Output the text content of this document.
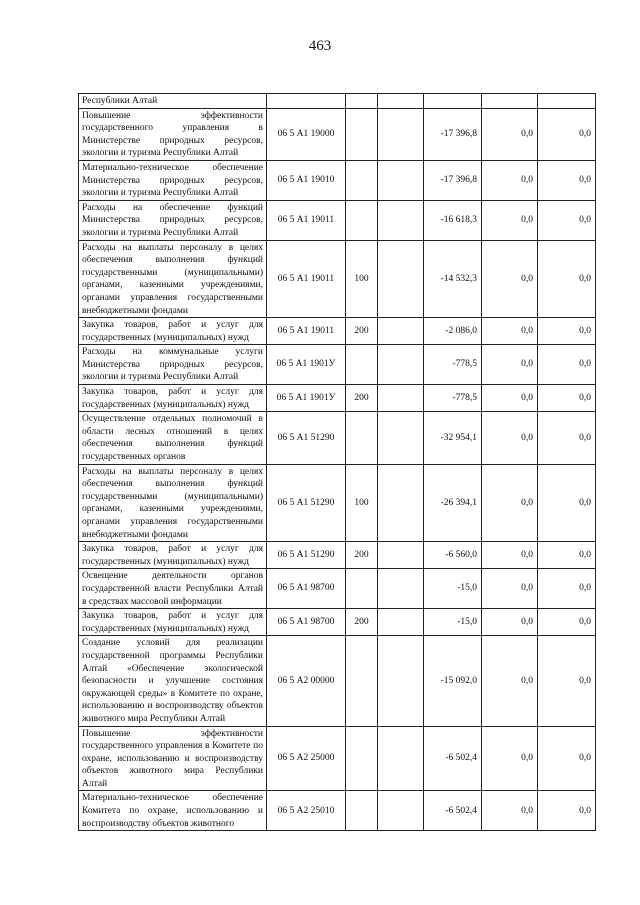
463
Республики Алтай						
Повышение эффективности государственного управления в Министерстве природных ресурсов, экологии и туризма Республики Алтай	06 5 А1 19000			-17 396,8	0,0	0,0
Материально-техническое обеспечение Министерства природных ресурсов, экологии и туризма Республики Алтай	06 5 А1 19010			-17 396,8	0,0	0,0
Расходы на обеспечение функций Министерства природных ресурсов, экологии и туризма Республики Алтай	06 5 А1 19011			-16 618,3	0,0	0,0
Расходы на выплаты персоналу в целях обеспечения выполнения функций государственными (муниципальными) органами, казенными учреждениями, органами управления государственными внебюджетными фондами	06 5 А1 19011	100		-14 532,3	0,0	0,0
Закупка товаров, работ и услуг для государственных (муниципальных) нужд	06 5 А1 19011	200		-2 086,0	0,0	0,0
Расходы на коммунальные услуги Министерства природных ресурсов, экологии и туризма Республики Алтай	06 5 А1 1901У			-778,5	0,0	0,0
Закупка товаров, работ и услуг для государственных (муниципальных) нужд	06 5 А1 1901У	200		-778,5	0,0	0,0
Осуществление отдельных полномочий в области лесных отношений в целях обеспечения выполнения функций государственных органов	06 5 А1 51290			-32 954,1	0,0	0,0
Расходы на выплаты персоналу в целях обеспечения выполнения функций государственными (муниципальными) органами, казенными учреждениями, органами управления государственными внебюджетными фондами	06 5 А1 51290	100		-26 394,1	0,0	0,0
Закупка товаров, работ и услуг для государственных (муниципальных) нужд	06 5 А1 51290	200		-6 560,0	0,0	0,0
Освещение деятельности органов государственной власти Республики Алтай в средствах массовой информации	06 5 А1 98700			-15,0	0,0	0,0
Закупка товаров, работ и услуг для государственных (муниципальных) нужд	06 5 А1 98700	200		-15,0	0,0	0,0
Создание условий для реализации государственной программы Республики Алтай «Обеспечение экологической безопасности и улучшение состояния окружающей среды» в Комитете по охране, использованию и воспроизводству объектов животного мира Республики Алтай	06 5 А2 00000			-15 092,0	0,0	0,0
Повышение эффективности государственного управления в Комитете по охране, использованию и воспроизводству объектов животного мира Республики Алтай	06 5 А2 25000			-6 502,4	0,0	0,0
Материально-техническое обеспечение Комитета по охране, использованию и воспроизводству объектов животного	06 5 А2 25010			-6 502,4	0,0	0,0
